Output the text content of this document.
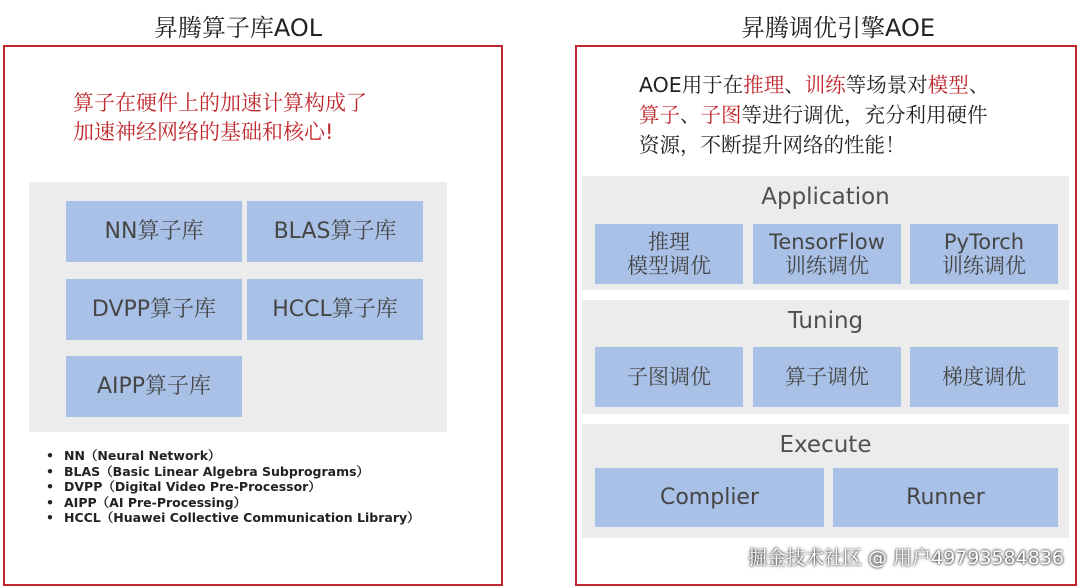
昇腾算子库AOL
算子在硬件上的加速计算构成了
加速神经网络的基础和核心!
NN算子库	BLAS算子库
DVPP算子库	HCCL算子库
AIPP算子库
• NN（Neural Network）
• BLAS（Basic Linear Algebra Subprograms）
• DVPP（Digital Video Pre-Processor）
• AIPP（AI Pre-Processing）
• HCCL（Huawei Collective Communication Library）
昇腾调优引擎AOE
AOE用于在推理、训练等场景对模型、
算子、子图等进行调优，充分利用硬件
资源，不断提升网络的性能！
Application
推理
模型调优
TensorFlow
训练调优
PyTorch
训练调优
Tuning
子图调优	算子调优	梯度调优
Execute
Complier	Runner
掘金技术社区 @ 用户49793584836
